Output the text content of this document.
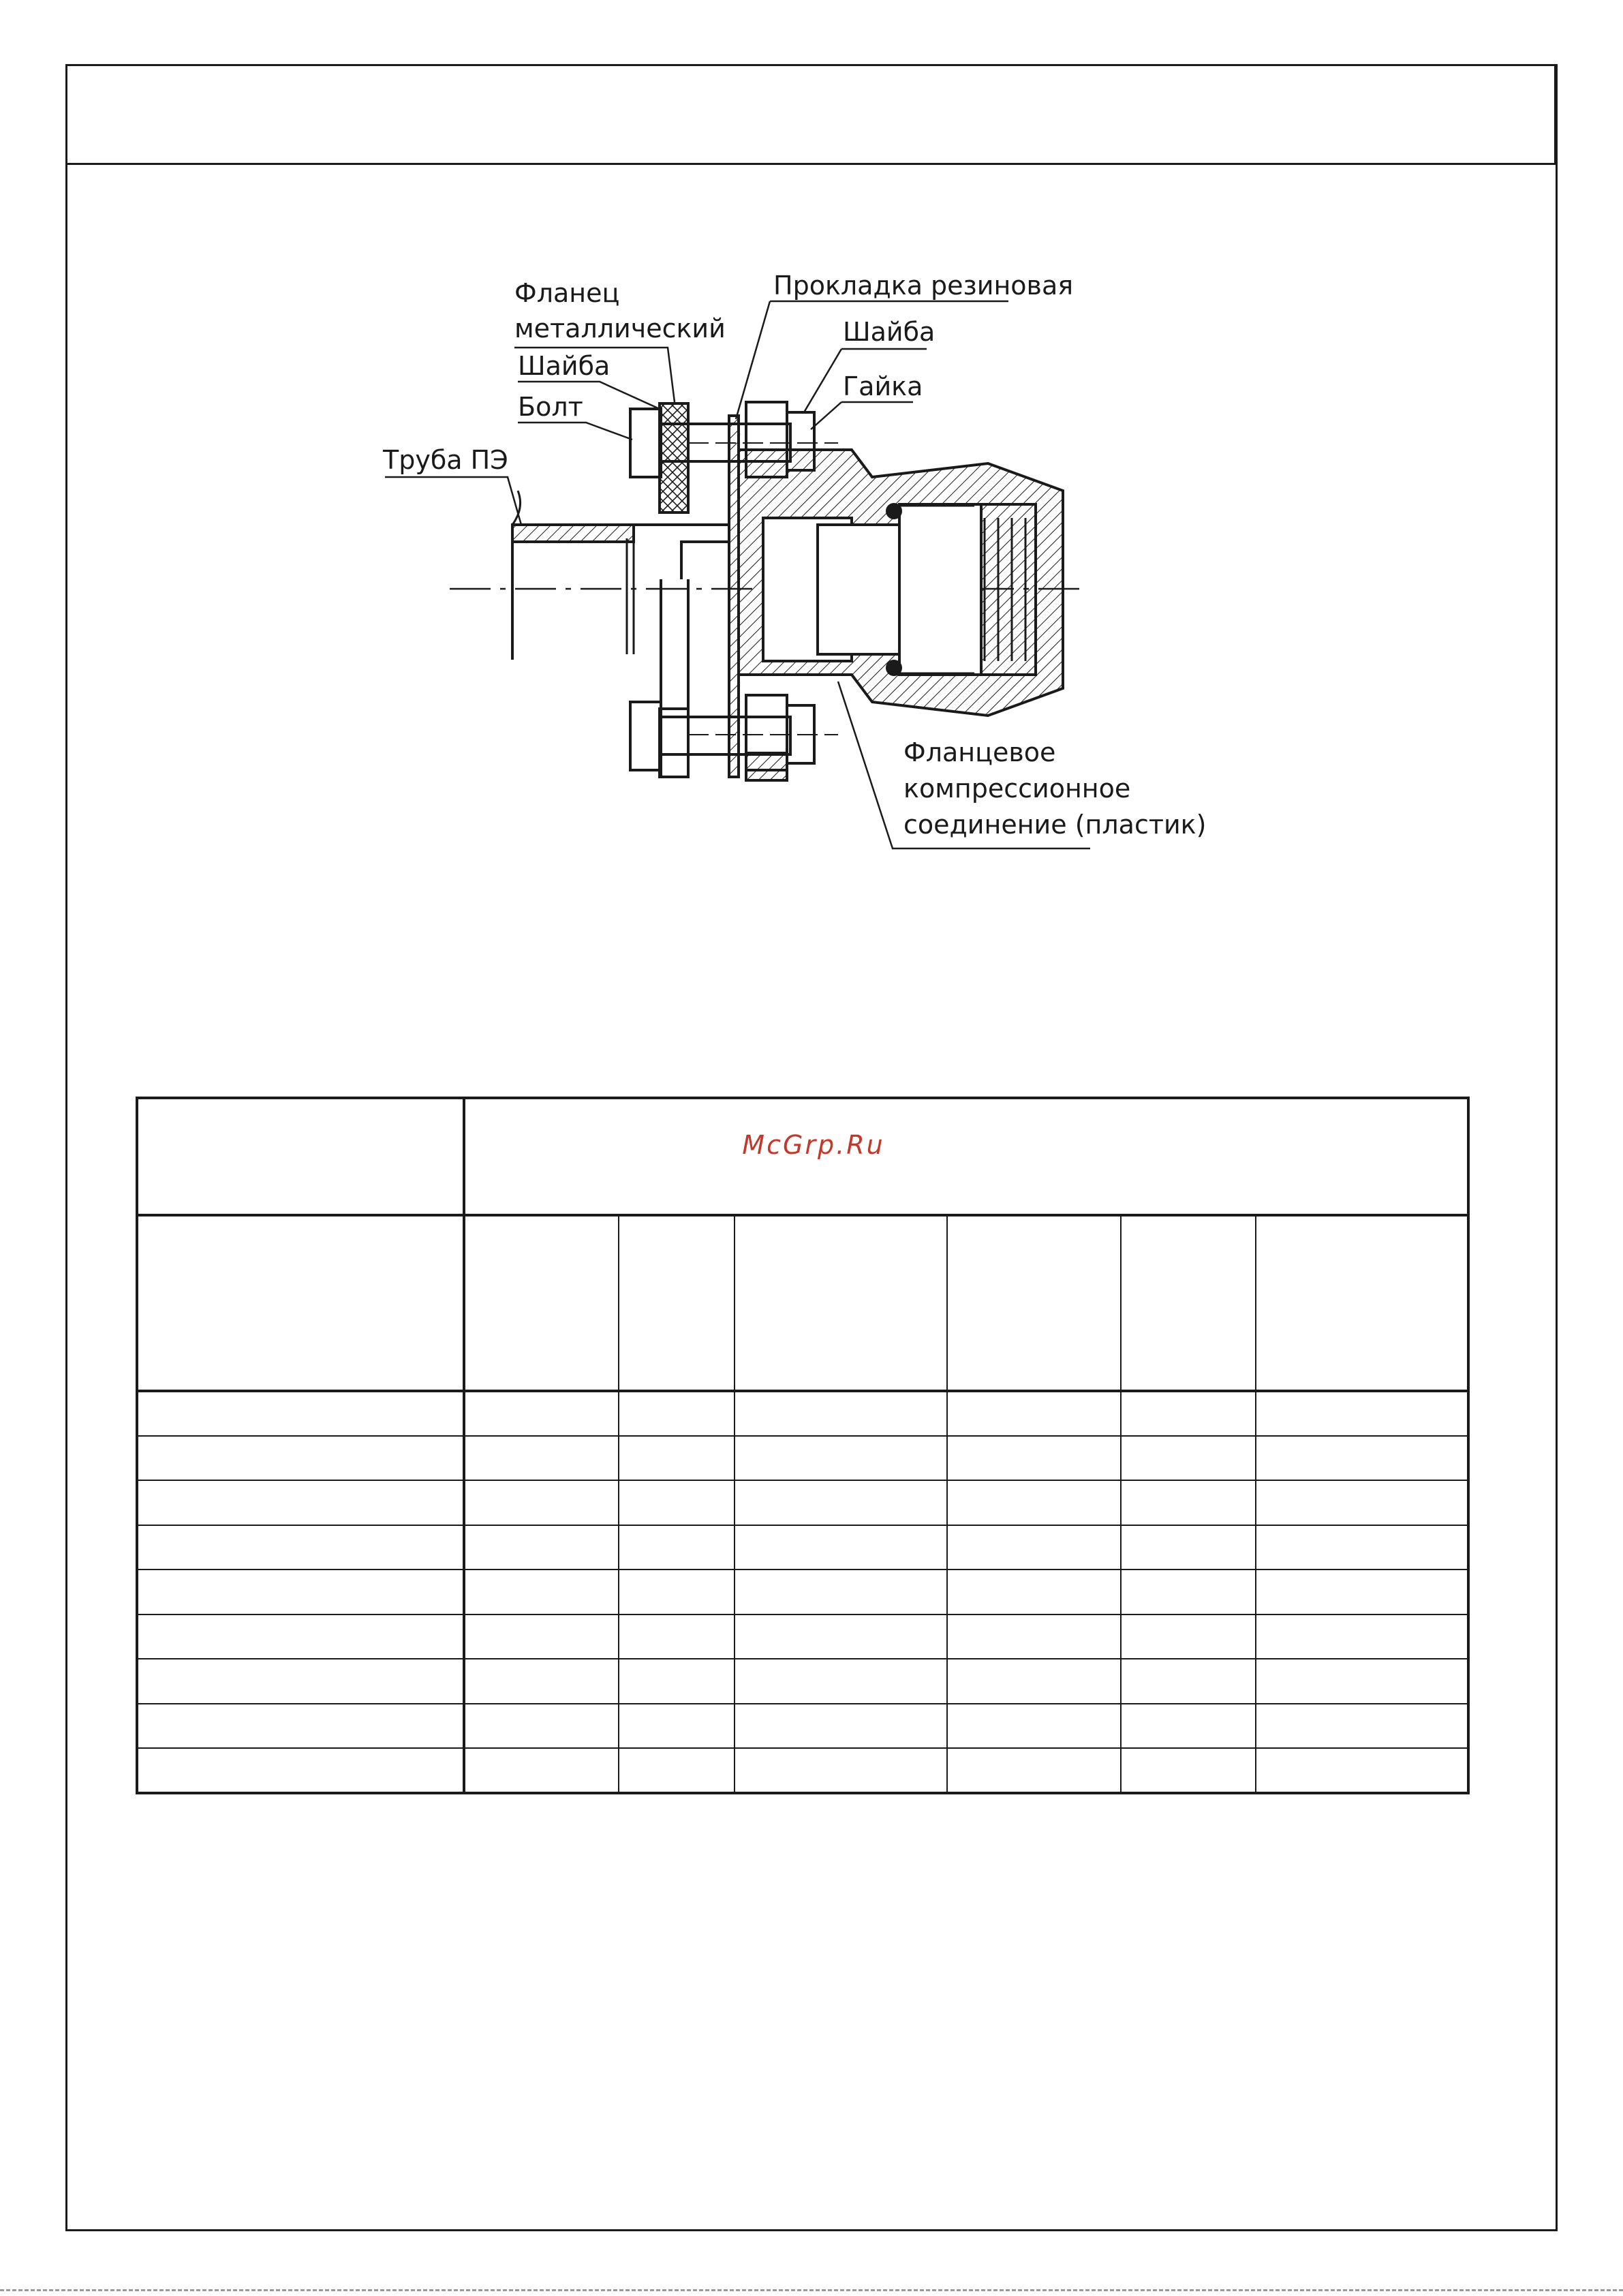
Фланец
металлический
Шайба
Болт
Труба ПЭ
Прокладка резиновая
Шайба
Гайка
Фланцевое
компрессионное
соединение (пластик)
McGrp.Ru
